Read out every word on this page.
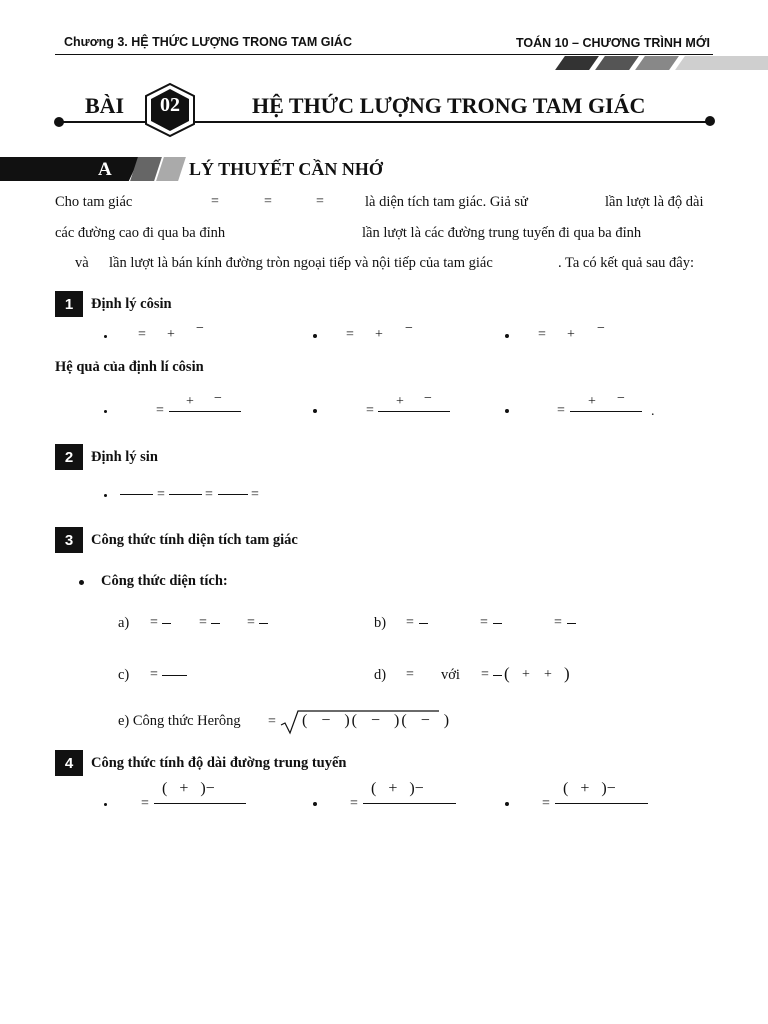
Chương 3. HỆ THỨC LƯỢNG TRONG TAM GIÁC	TOÁN 10 – CHƯƠNG TRÌNH MỚI
BÀI	02	HỆ THỨC LƯỢNG TRONG TAM GIÁC
A	LÝ THUYẾT CẦN NHỚ
Cho tam giác	=	=	=	là diện tích tam giác. Giả sử	lần lượt là độ dài
các đường cao đi qua ba đỉnh	lần lượt là các đường trung tuyến đi qua ba đỉnh
và lần lượt là bán kính đường tròn ngoại tiếp và nội tiếp của tam giác	. Ta có kết quả sau đây:
1	Định lý côsin
= + −	= + −	= + −
Hệ quả của định lí côsin
=
+ −
=
+ −
=
+ −
.
2	Định lý sin
=	=	=
3	Công thức tính diện tích tam giác
Công thức diện tích:
a) =	=	=	b) =	=	=
c) =	d) = với = ( + + )
e) Công thức Herông = (  −  )(  −  )(  −  )
4	Công thức tính độ dài đường trung tuyến
=
(   +   )−
=
(   +   )−
=
(   +   )−
